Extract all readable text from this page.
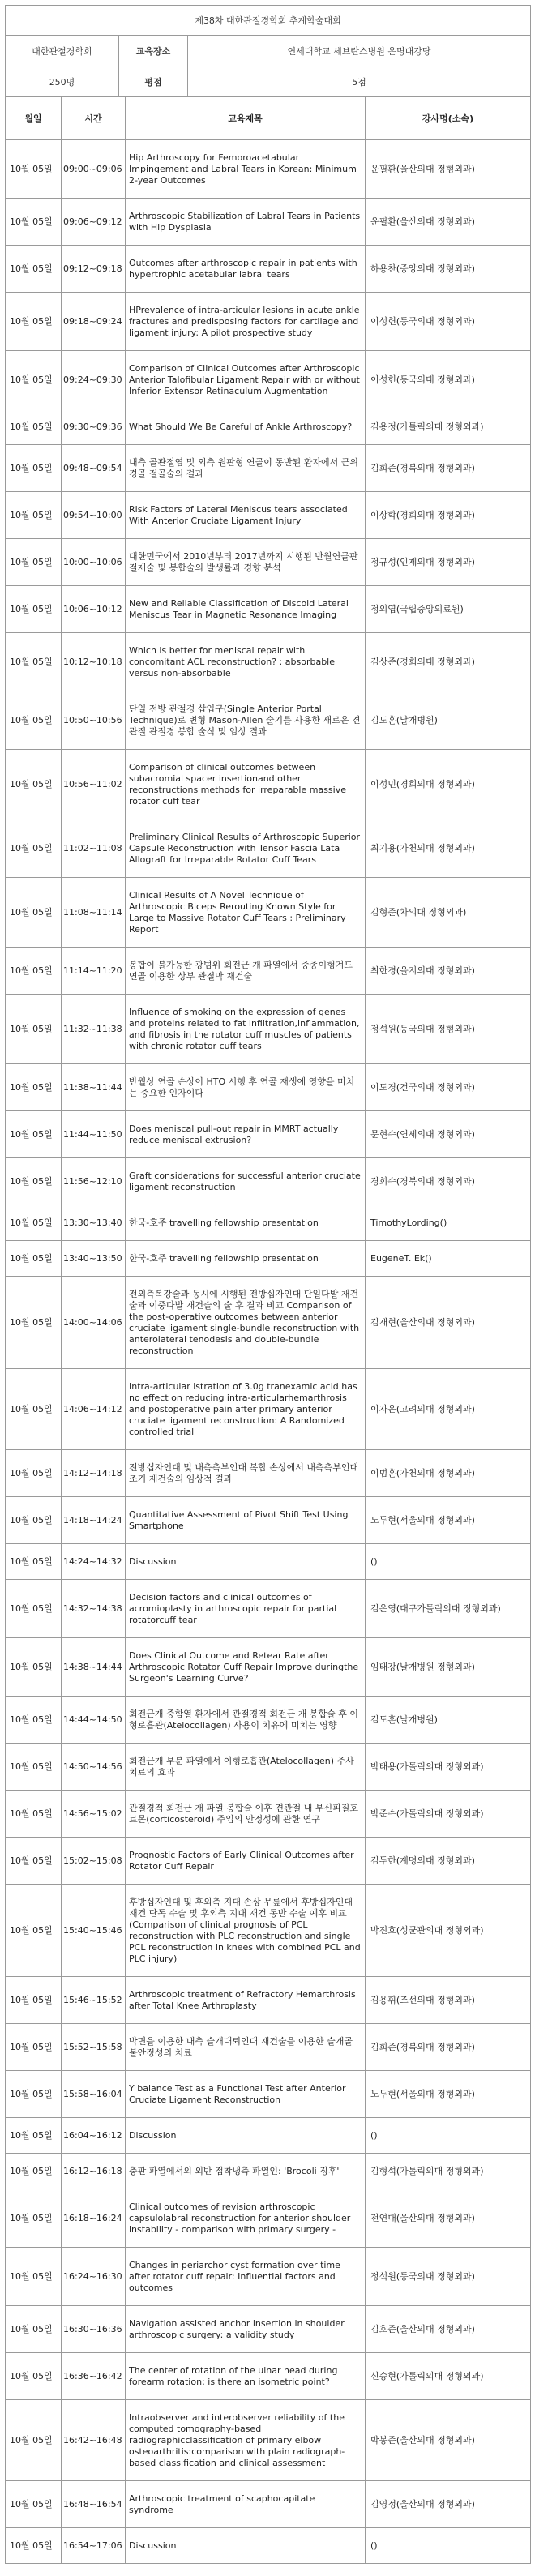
제38차 대한관절경학회 추계학술대회		
대한관절경학회	교육장소	연세대학교 세브란스병원 은명대강당
250명	평점	5점
월일	시간	교육제목	강사명(소속)
10월 05일	09:00~09:06	Hip Arthroscopy for Femoroacetabular Impingement and Labral Tears in Korean: Minimum 2-year Outcomes	윤필환(울산의대 정형외과)
10월 05일	09:06~09:12	Arthroscopic Stabilization of Labral Tears in Patients with Hip Dysplasia	윤필환(울산의대 정형외과)
10월 05일	09:12~09:18	Outcomes after arthroscopic repair in patients with hypertrophic acetabular labral tears	하용찬(중앙의대 정형외과)
10월 05일	09:18~09:24	HPrevalence of intra-articular lesions in acute ankle fractures and predisposing factors for cartilage and ligament injury: A pilot prospective study	이성헌(동국의대 정형외과)
10월 05일	09:24~09:30	Comparison of Clinical Outcomes after Arthroscopic Anterior Talofibular Ligament Repair with or without Inferior Extensor Retinaculum Augmentation	이성헌(동국의대 정형외과)
10월 05일	09:30~09:36	What Should We Be Careful of Ankle Arthroscopy?	김용정(가톨릭의대 정형외과)
10월 05일	09:48~09:54	내측 골관절염 및 외측 원판형 연골이 동반된 환자에서 근위 경골 절골술의 결과	김희준(경북의대 정형외과)
10월 05일	09:54~10:00	Risk Factors of Lateral Meniscus tears associated With Anterior Cruciate Ligament Injury	이상학(경희의대 정형외과)
10월 05일	10:00~10:06	대한민국에서 2010년부터 2017년까지 시행된 반월연골판 절제술 및 봉합술의 발생률과 경향 분석	정규성(인제의대 정형외과)
10월 05일	10:06~10:12	New and Reliable Classification of Discoid Lateral Meniscus Tear in Magnetic Resonance Imaging	정의엽(국립중앙의료원)
10월 05일	10:12~10:18	Which is better for meniscal repair with concomitant ACL reconstruction? : absorbable versus non-absorbable	김상준(경희의대 정형외과)
10월 05일	10:50~10:56	단일 전방 관절경 삽입구(Single Anterior Portal Technique)로 변형 Mason-Allen 술기를 사용한 새로운 견관절 관절경 봉합 술식 및 임상 결과	김도훈(날개병원)
10월 05일	10:56~11:02	Comparison of clinical outcomes between subacromial spacer insertionand other reconstructions methods for irreparable massive rotator cuff tear	이성민(경희의대 정형외과)
10월 05일	11:02~11:08	Preliminary Clinical Results of Arthroscopic Superior Capsule Reconstruction with Tensor Fascia Lata Allograft for Irreparable Rotator Cuff Tears	최기용(가천의대 정형외과)
10월 05일	11:08~11:14	Clinical Results of A Novel Technique of Arthroscopic Biceps Rerouting Known Style for Large to Massive Rotator Cuff Tears : Preliminary Report	김형준(차의대 정형외과)
10월 05일	11:14~11:20	봉합이 불가능한 광범위 회전근 개 파열에서 중종이형겨드 연골 이용한 상부 관절막 재건술	최한경(을지의대 정형외과)
10월 05일	11:32~11:38	Influence of smoking on the expression of genes and proteins related to fat infiltration,inflammation, and fibrosis in the rotator cuff muscles of patients with chronic rotator cuff tears	정석원(동국의대 정형외과)
10월 05일	11:38~11:44	반월상 연골 손상이 HTO 시행 후 연골 재생에 영향을 미치는 중요한 인자이다	이도경(건국의대 정형외과)
10월 05일	11:44~11:50	Does meniscal pull-out repair in MMRT actually reduce meniscal extrusion?	문현수(연세의대 정형외과)
10월 05일	11:56~12:10	Graft considerations for successful anterior cruciate ligament reconstruction	경희수(경북의대 정형외과)
10월 05일	13:30~13:40	한국-호주 travelling fellowship presentation	TimothyLording()
10월 05일	13:40~13:50	한국-호주 travelling fellowship presentation	EugeneT. Ek()
10월 05일	14:00~14:06	전외측복강술과 동시에 시행된 전방십자인대 단일다발 재건술과 이중다발 재건술의 술 후 결과 비교 Comparison of the post-operative outcomes between anterior cruciate ligament single-bundle reconstruction with anterolateral tenodesis and double-bundle reconstruction	김재현(울산의대 정형외과)
10월 05일	14:06~14:12	Intra-articular istration of 3.0g tranexamic acid has no effect on reducing intra-articularhemarthrosis and postoperative pain after primary anterior cruciate ligament reconstruction: A Randomized controlled trial	이자운(고려의대 정형외과)
10월 05일	14:12~14:18	전방십자인대 및 내측측부인대 복합 손상에서 내측측부인대 조기 재건술의 임상적 결과	이범훈(가천의대 정형외과)
10월 05일	14:18~14:24	Quantitative Assessment of Pivot Shift Test Using Smartphone	노두현(서울의대 정형외과)
10월 05일	14:24~14:32	Discussion	()
10월 05일	14:32~14:38	Decision factors and clinical outcomes of acromioplasty in arthroscopic repair for partial rotatorcuff tear	김은영(대구가톨릭의대 정형외과)
10월 05일	14:38~14:44	Does Clinical Outcome and Retear Rate after Arthroscopic Rotator Cuff Repair Improve duringthe Surgeon's Learning Curve?	임태강(날개병원 정형외과)
10월 05일	14:44~14:50	회전근개 중함열 환자에서 관절경적 회전근 개 봉합술 후 이형로흡관(Atelocollagen) 사용이 치유에 미치는 영향	김도훈(날개병원)
10월 05일	14:50~14:56	회전근개 부분 파열에서 이형로흡관(Atelocollagen) 주사 치료의 효과	박태용(가톨릭의대 정형외과)
10월 05일	14:56~15:02	관절경적 회전근 개 파열 봉합술 이후 견관절 내 부신피질호르몬(corticosteroid) 주입의 안정성에 관한 연구	박준수(가톨릭의대 정형외과)
10월 05일	15:02~15:08	Prognostic Factors of Early Clinical Outcomes after Rotator Cuff Repair	김두한(계명의대 정형외과)
10월 05일	15:40~15:46	후방십자인대 및 후외측 지대 손상 무릎에서 후방십자인대 재건 단독 수술 및 후외측 지대 재건 동반 수술 예후 비교(Comparison of clinical prognosis of PCL reconstruction with PLC reconstruction and single PCL reconstruction in knees with combined PCL and PLC injury)	박진호(성균관의대 정형외과)
10월 05일	15:46~15:52	Arthroscopic treatment of Refractory Hemarthrosis after Total Knee Arthroplasty	김용휘(조선의대 정형외과)
10월 05일	15:52~15:58	박면을 이용한 내측 슬개대퇴인대 재건술을 이용한 슬개골 불안정성의 치료	김희준(경북의대 정형외과)
10월 05일	15:58~16:04	Y balance Test as a Functional Test after Anterior Cruciate Ligament Reconstruction	노두현(서울의대 정형외과)
10월 05일	16:04~16:12	Discussion	()
10월 05일	16:12~16:18	충판 파열에서의 외반 접착냉측 파열인: 'Brocoli 징후'	김형석(가톨릭의대 정형외과)
10월 05일	16:18~16:24	Clinical outcomes of revision arthroscopic capsulolabral reconstruction for anterior shoulder instability - comparison with primary surgery -	전연대(울산의대 정형외과)
10월 05일	16:24~16:30	Changes in periarchor cyst formation over time after rotator cuff repair: Influential factors and outcomes	정석원(동국의대 정형외과)
10월 05일	16:30~16:36	Navigation assisted anchor insertion in shoulder arthroscopic surgery: a validity study	김호준(울산의대 정형외과)
10월 05일	16:36~16:42	The center of rotation of the ulnar head during forearm rotation: is there an isometric point?	신승현(가톨릭의대 정형외과)
10월 05일	16:42~16:48	Intraobserver and interobserver reliability of the computed tomography-based radiographicclassification of primary elbow osteoarthritis:comparison with plain radiograph-based classification and clinical assessment	박봉준(울산의대 정형외과)
10월 05일	16:48~16:54	Arthroscopic treatment of scaphocapitate syndrome	김영정(울산의대 정형외과)
10월 05일	16:54~17:06	Discussion	()
